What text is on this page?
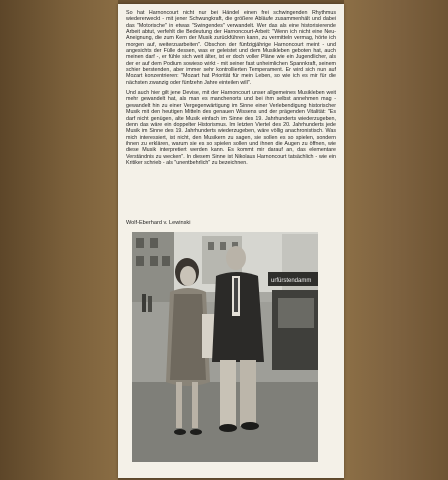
So hat Harnoncourt nicht nur bei Händel einen frei schwingenden Rhythmus wiedererweckt - mit jener Schwungkraft, die größere Abläufe zusammenhält und dabei das "Motorische" in etwas "Swingendes" verwandelt. Wer das als eine historisierende Arbeit abtut, verfehlt die Bedeutung der Harnoncourt-Arbeit: "Wenn ich nicht eine Neu-Aneignung, die zum Kern der Musik zurückführen kann, zu vermitteln vermag, hörte ich morgen auf, weiterzuarbeiten". Obschon der fünfzigjährige Harnoncourt meint - und angesichts der Fülle dessen, was er geleistet und dem Musikleben geboten hat, auch meinen darf -, er fühle sich weit älter, ist er doch voller Pläne wie ein Jugendlicher, als der er auf dem Podium sowieso wirkt - mit seiner fast unheimlichen Spannkraft, seinem schier berstenden, aber immer sehr kontrollierten Temperament. Er wird sich nun auf Mozart konzentrieren: "Mozart hat Priorität für mein Leben, so wie ich es mir für die nächsten zwanzig oder fünfzehn Jahre einteilen will".

Und auch hier gilt jene Devise, mit der Harnoncourt unser allgemeines Musikleben weit mehr gewandelt hat, als man es manchenorts und bei ihm selbst annehmen mag - gewandelt hin zu einer Vergegenwärtigung im Sinne einer Verlebendigung historischer Musik mit den heutigen Mitteln des genauen Wissens und der prägenden Vitalität: "Es darf nicht genügen, alte Musik einfach im Sinne des 19. Jahrhunderts wiederzugeben, denn das wäre ein doppelter Historismus. Im letzten Viertel des 20. Jahrhunderts jede Musik im Sinne des 19. Jahrhunderts wiederzugeben, wäre völlig anachronistisch. Was mich interessiert, ist nicht, den Musikern zu sagen, sie sollen es so spielen, sondern ihnen zu erklären, warum sie es so spielen sollen und ihnen die Augen zu öffnen, wie diese Musik interpretiert werden kann. Es kommt mir darauf an, das elementare Verständnis zu wecken". In diesem Sinne ist Nikolaus Harnoncourt tatsächlich - wie ein Kritiker schrieb - als "unentbehrlich" zu bezeichnen.

Wolf-Eberhard v. Lewinski
urfürstendamm
